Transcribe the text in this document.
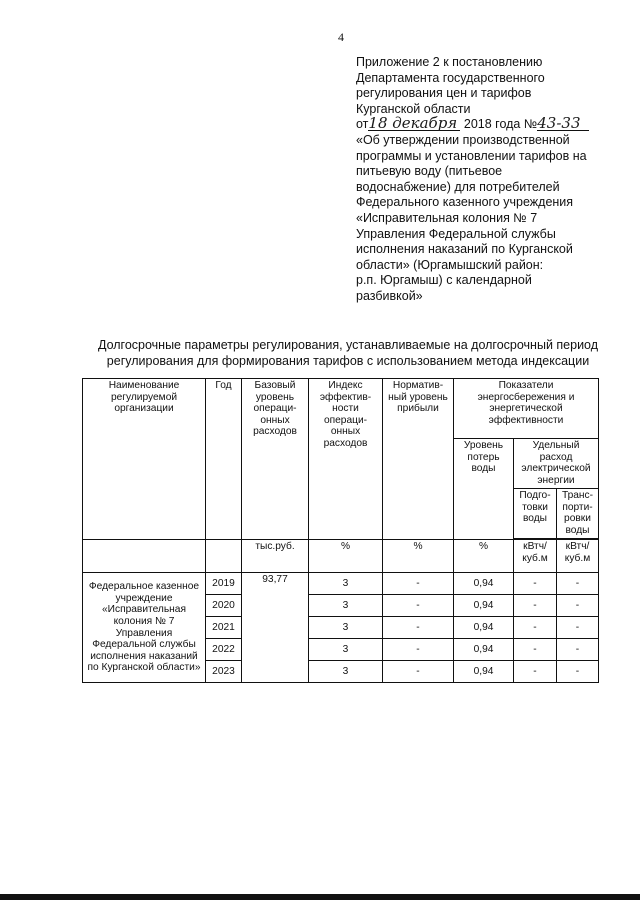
4
Приложение 2 к постановлению
Департамента государственного
регулирования цен и тарифов
Курганской области
от18 декабря 2018 года №43-33
«Об утверждении производственной
программы и установлении тарифов на
питьевую воду (питьевое
водоснабжение) для потребителей
Федерального казенного учреждения
«Исправительная колония № 7
Управления Федеральной службы
исполнения наказаний по Курганской
области» (Юргамышский район:
р.п. Юргамыш) с календарной
разбивкой»
Долгосрочные параметры регулирования, устанавливаемые на долгосрочный период
регулирования для формирования тарифов с использованием метода индексации
Наименование регулируемой организации	Год	Базовый уровень операци-онных расходов	Индекс эффектив-ности операци-онных расходов	Норматив-ный уровень прибыли	Показатели энергосбережения и энергетической эффективности		
					Уровень потерь воды	Удельный расход электрической энергии	
						Подго-товки воды	Транс-порти-ровки воды

		тыс.руб.	%	%	%	кВтч/ куб.м	кВтч/ куб.м
Федеральное казенное учреждение «Исправительная колония № 7 Управления Федеральной службы исполнения наказаний по Курганской области»	2019	93,77	3	-	0,94	-	-
	2020		3	-	0,94	-	-
	2021		3	-	0,94	-	-
	2022		3	-	0,94	-	-
	2023		3	-	0,94	-	-
